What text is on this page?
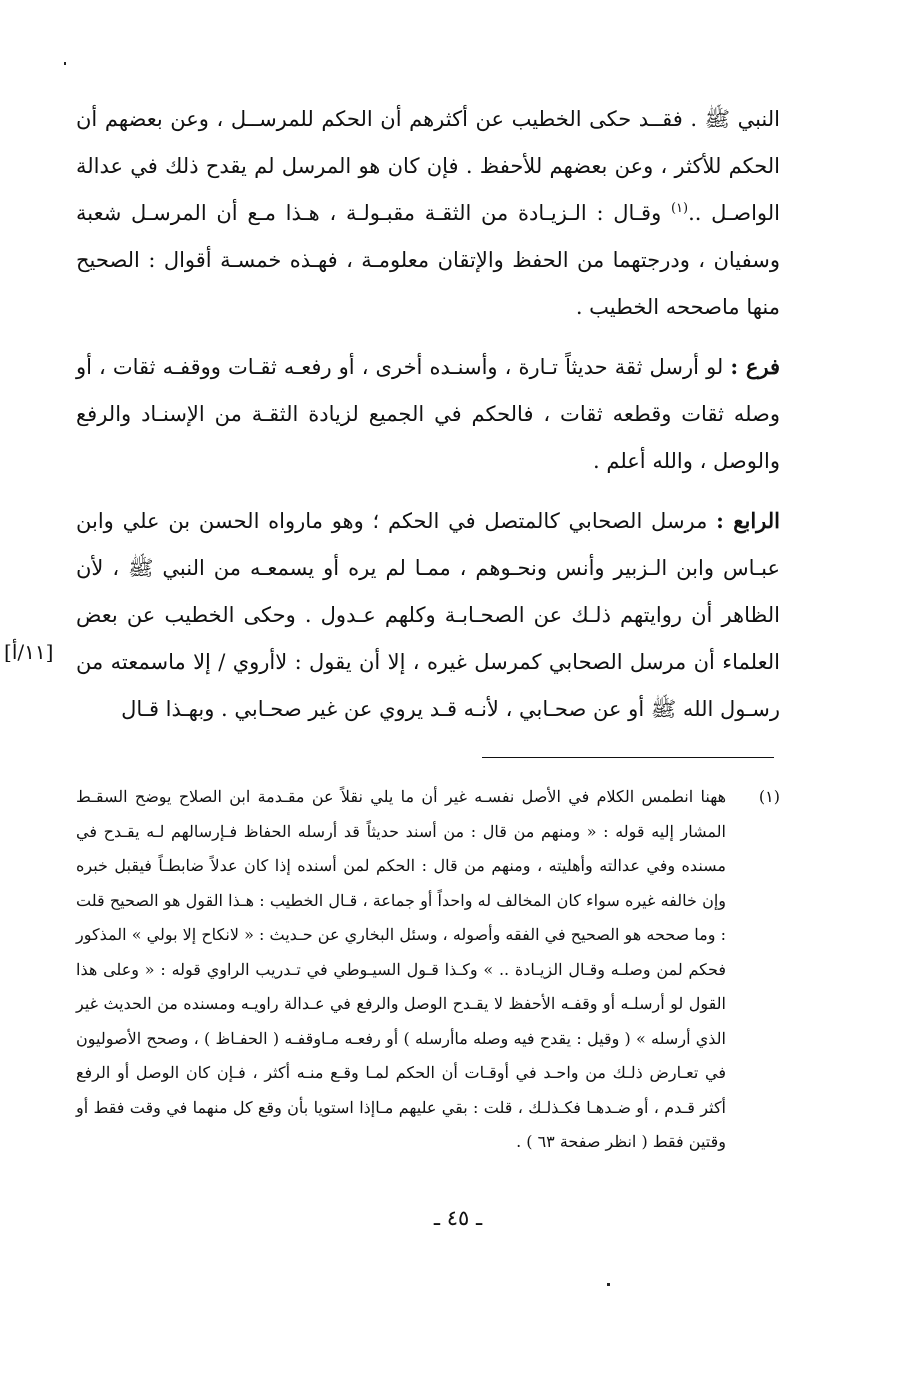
النبي ﷺ . فقــد حكى الخطيب عن أكثرهم أن الحكم للمرســل ، وعن بعضهم أن الحكم للأكثر ، وعن بعضهم للأحفظ . فإن كان هو المرسل لم يقدح ذلك في عدالة الواصـل ..$^{(١)}$ وقـال : الـزيـادة من الثقـة مقبـولـة ، هـذا مـع أن المرسـل شعبة وسفيان ، ودرجتهما من الحفظ والإتقان معلومـة ، فهـذه خمسـة أقوال : الصحيح منها ماصححه الخطيب .
فرع : لو أرسل ثقة حديثاً تـارة ، وأسنـده أخرى ، أو رفعـه ثقـات ووقفـه ثقات ، أو وصله ثقات وقطعه ثقات ، فالحكم في الجميع لزيادة الثقـة من الإسنـاد والرفع والوصل ، والله أعلم .
الرابع : مرسل الصحابي كالمتصل في الحكم ؛ وهو مارواه الحسن بن علي وابن عبـاس وابن الـزبير وأنس ونحـوهم ، ممـا لم يره أو يسمعـه من النبي ﷺ ، لأن الظاهر أن روايتهم ذلـك عن الصحـابـة وكلهم عـدول . وحكى الخطيب عن بعض العلماء أن مرسل الصحابي كمرسل غيره ، إلا أن يقول : لاأروي / إلا ماسمعته من رسـول الله ﷺ أو عن صحـابي ، لأنـه قـد يروي عن غير صحـابي . وبهـذا قـال
[١١/أ]
(١)
ههنا انطمس الكلام في الأصل نفسـه غير أن ما يلي نقلاً عن مقـدمة ابن الصلاح يوضح السقـط المشار إليه قوله : « ومنهم من قال : من أسند حديثاً قد أرسله الحفاظ فـإرسالهم لـه يقـدح في مسنده وفي عدالته وأهليته ، ومنهم من قال : الحكم لمن أسنده إذا كان عدلاً ضابطـاً فيقبل خبره وإن خالفه غيره سواء كان المخالف له واحداً أو جماعة ، قـال الخطيب : هـذا القول هو الصحيح قلت : وما صححه هو الصحيح في الفقه وأصوله ، وسئل البخاري عن حـديث : « لانكاح إلا بولي » المذكور فحكم لمن وصلـه وقـال الزيـادة .. » وكـذا قـول السيـوطي في تـدريب الراوي قوله : « وعلى هذا القول لو أرسلـه أو وقفـه الأحفظ لا يقـدح الوصل والرفع في عـدالة راويـه ومسنده من الحديث غير الذي أرسله » ( وقيل : يقدح فيه وصله ماأرسله ) أو رفعـه مـاوقفـه ( الحفـاظ ) ، وصحح الأصوليون في تعـارض ذلـك من واحـد في أوقـات أن الحكم لمـا وقـع منـه أكثر ، فـإن كان الوصل أو الرفع أكثر قـدم ، أو ضـدهـا فكـذلـك ، قلت : بقي عليهم مـاإذا استويا بأن وقع كل منهما في وقت فقط أو وقتين فقط ( انظر صفحة ٦٣ ) .
ـ ٤٥ ـ
